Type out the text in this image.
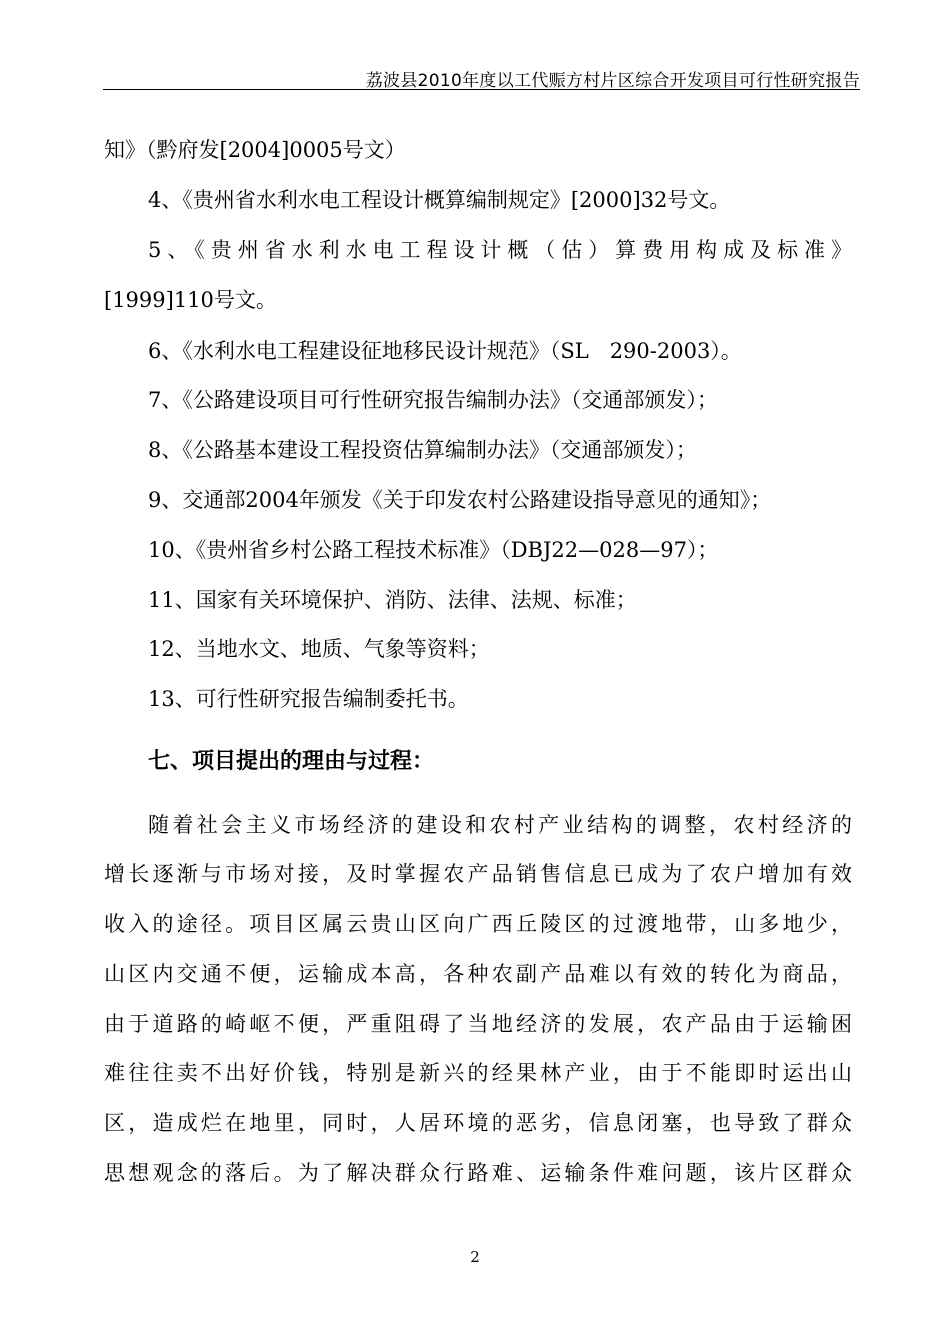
荔波县2010年度以工代赈方村片区综合开发项目可行性研究报告
知》（黔府发[2004]0005号文）
4、《贵州省水利水电工程设计概算编制规定》[2000]32号文。
5、《贵州省水利水电工程设计概（估）算费用构成及标准》
[1999]110号文。
6、《水利水电工程建设征地移民设计规范》（SL　290-2003）。
7、《公路建设项目可行性研究报告编制办法》（交通部颁发）；
8、《公路基本建设工程投资估算编制办法》（交通部颁发）；
9、交通部2004年颁发《关于印发农村公路建设指导意见的通知》；
10、《贵州省乡村公路工程技术标准》（DBJ22—028—97）；
11、国家有关环境保护、消防、法律、法规、标准；
12、当地水文、地质、气象等资料；
13、可行性研究报告编制委托书。
七、项目提出的理由与过程：
随着社会主义市场经济的建设和农村产业结构的调整，农村经济的
增长逐渐与市场对接，及时掌握农产品销售信息已成为了农户增加有效
收入的途径。项目区属云贵山区向广西丘陵区的过渡地带，山多地少，
山区内交通不便，运输成本高，各种农副产品难以有效的转化为商品，
由于道路的崎岖不便，严重阻碍了当地经济的发展，农产品由于运输困
难往往卖不出好价钱，特别是新兴的经果林产业，由于不能即时运出山
区，造成烂在地里，同时，人居环境的恶劣，信息闭塞，也导致了群众
思想观念的落后。为了解决群众行路难、运输条件难问题，该片区群众
2
